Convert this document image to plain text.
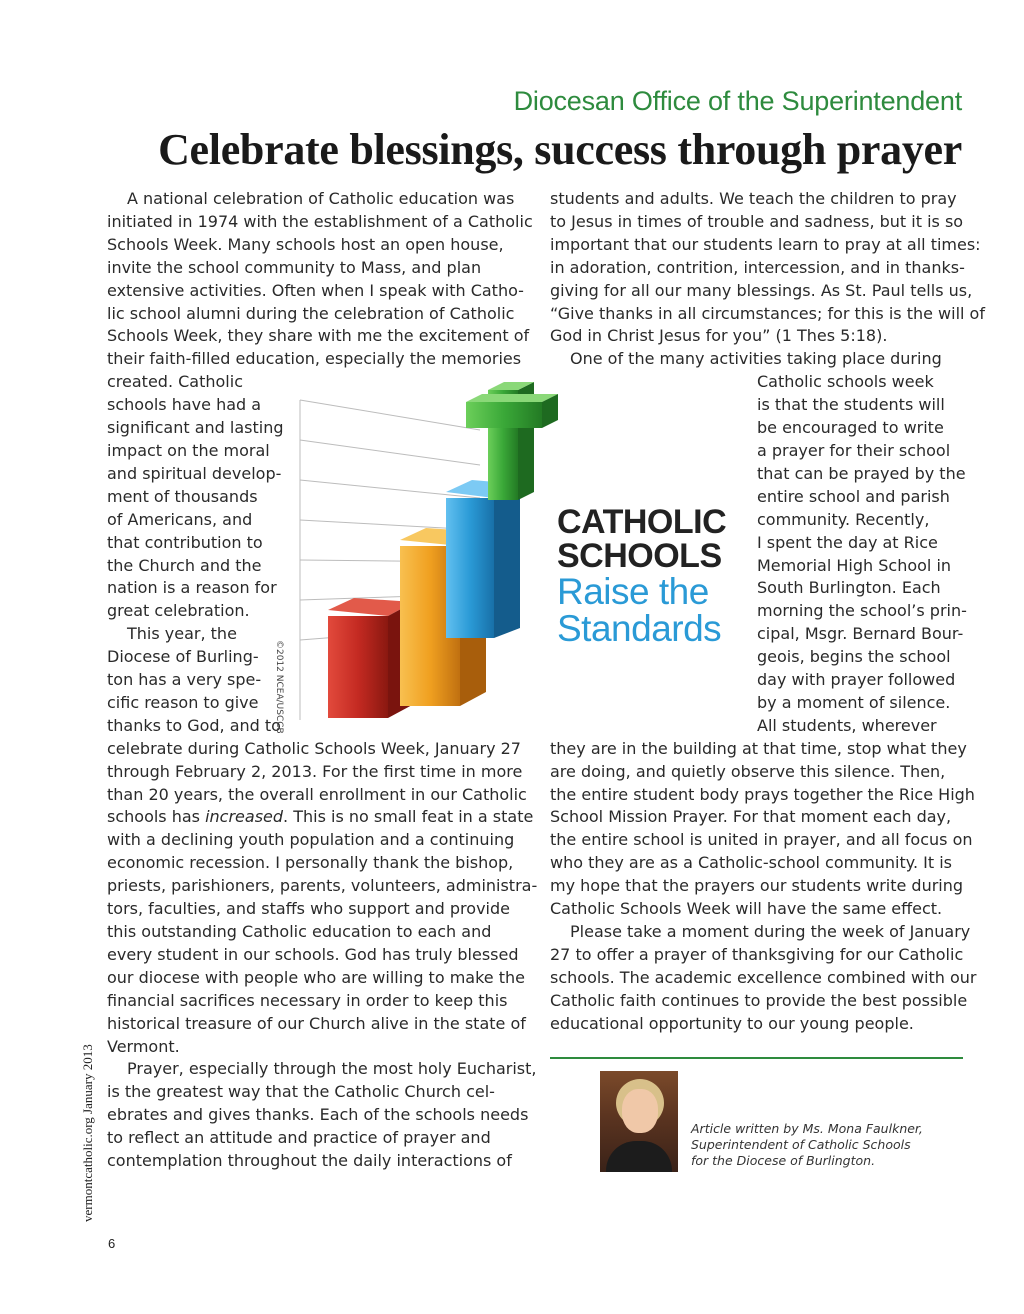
Diocesan Office of the Superintendent
Celebrate blessings, success through prayer
A national celebration of Catholic education was
initiated in 1974 with the establishment of a Catholic
Schools Week. Many schools host an open house,
invite the school community to Mass, and plan
extensive activities. Often when I speak with Catho-
lic school alumni during the celebration of Catholic
Schools Week, they share with me the excitement of
their faith-filled education, especially the memories
created. Catholic
schools have had a
significant and lasting
impact on the moral
and spiritual develop-
ment of thousands
of Americans, and
that contribution to
the Church and the
nation is a reason for
great celebration.
This year, the
Diocese of Burling-
ton has a very spe-
cific reason to give
thanks to God, and to
celebrate during Catholic Schools Week, January 27
through February 2, 2013. For the first time in more
than 20 years, the overall enrollment in our Catholic
schools has increased. This is no small feat in a state
with a declining youth population and a continuing
economic recession. I personally thank the bishop,
priests, parishioners, parents, volunteers, administra-
tors, faculties, and staffs who support and provide
this outstanding Catholic education to each and
every student in our schools. God has truly blessed
our diocese with people who are willing to make the
financial sacrifices necessary in order to keep this
historical treasure of our Church alive in the state of
Vermont.
Prayer, especially through the most holy Eucharist,
is the greatest way that the Catholic Church cel-
ebrates and gives thanks. Each of the schools needs
to reflect an attitude and practice of prayer and
contemplation throughout the daily interactions of
students and adults. We teach the children to pray
to Jesus in times of trouble and sadness, but it is so
important that our students learn to pray at all times:
in adoration, contrition, intercession, and in thanks-
giving for all our many blessings. As St. Paul tells us,
“Give thanks in all circumstances; for this is the will of
God in Christ Jesus for you” (1 Thes 5:18).
One of the many activities taking place during
Catholic schools week
is that the students will
be encouraged to write
a prayer for their school
that can be prayed by the
entire school and parish
community. Recently,
I spent the day at Rice
Memorial High School in
South Burlington. Each
morning the school’s prin-
cipal, Msgr. Bernard Bour-
geois, begins the school
day with prayer followed
by a moment of silence.
All students, wherever
they are in the building at that time, stop what they
are doing, and quietly observe this silence. Then,
the entire student body prays together the Rice High
School Mission Prayer. For that moment each day,
the entire school is united in prayer, and all focus on
who they are as a Catholic-school community. It is
my hope that the prayers our students write during
Catholic Schools Week will have the same effect.
Please take a moment during the week of January
27 to offer a prayer of thanksgiving for our Catholic
schools. The academic excellence combined with our
Catholic faith continues to provide the best possible
educational opportunity to our young people.
CATHOLIC
SCHOOLS
Raise the
Standards
©2012 NCEA/USCCB
Article written by Ms. Mona Faulkner,
Superintendent of Catholic Schools
for the Diocese of Burlington.
vermontcatholic.org January 2013
6
